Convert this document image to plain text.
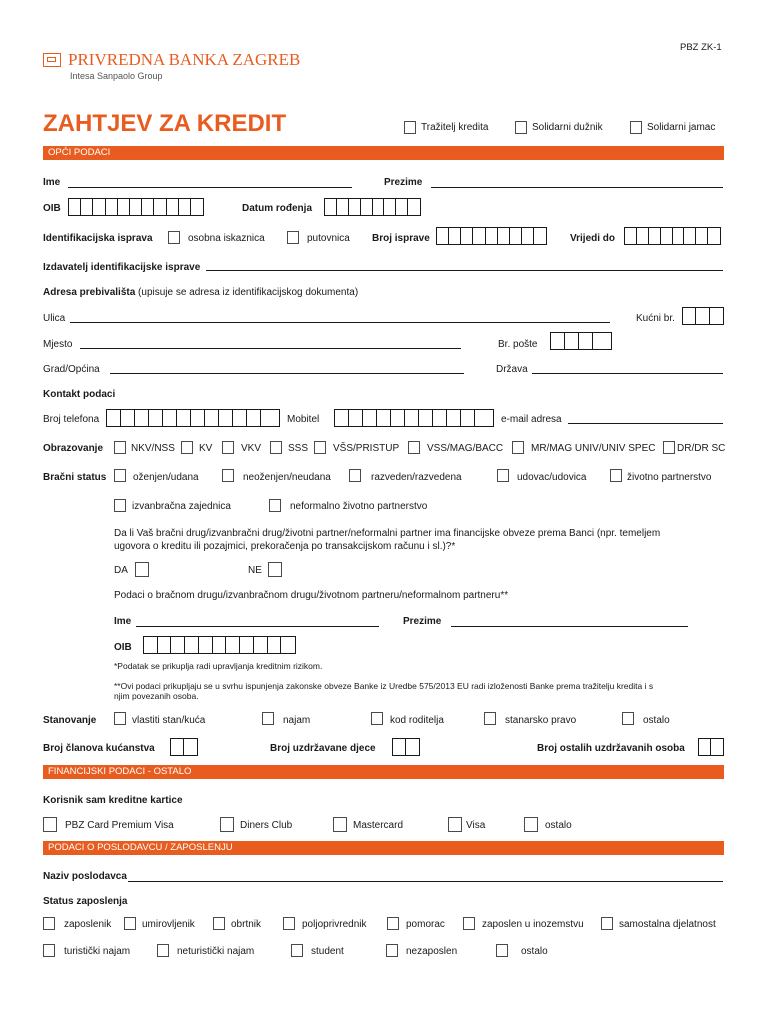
PRIVREDNA BANKA ZAGREB
Intesa Sanpaolo Group
PBZ ZK-1
ZAHTJEV ZA KREDIT	Tražitelj kredita	Solidarni dužnik	Solidarni jamac
OPĆI PODACI
Ime	Prezime
OIB	Datum rođenja
Identifikacijska isprava	osobna iskaznica	putovnica Broj isprave	Vrijedi do
Izdavatelj identifikacijske isprave
Adresa prebivališta (upisuje se adresa iz identifikacijskog dokumenta)
Ulica	Kućni br.
Mjesto	Br. pošte
Grad/Općina	Država
Kontakt podaci
Broj telefona	Mobitel	e-mail adresa
Obrazovanje	NKV/NSS KV	VKV	SSS VŠS/PRISTUP	VSS/MAG/BACC	MR/MAG UNIV/UNIV SPEC DR/DR SC
Bračni status	oženjen/udana	neoženjen/neudana	razveden/razvedena	udovac/udovica	životno partnerstvo
izvanbračna zajednica	neformalno životno partnerstvo
Da li Vaš bračni drug/izvanbračni drug/životni partner/neformalni partner ima financijske obveze prema Banci (npr. temeljem
ugovora o kreditu ili pozajmici, prekoračenja po transakcijskom računu i sl.)?*
DA	NE
Podaci o bračnom drugu/izvanbračnom drugu/životnom partneru/neformalnom partneru**
Ime	Prezime
OIB
*Podatak se prikuplja radi upravljanja kreditnim rizikom.
**Ovi podaci prikupljaju se u svrhu ispunjenja zakonske obveze Banke iz Uredbe 575/2013 EU radi izloženosti Banke prema tražitelju kredita i s
njim povezanih osoba.
Stanovanje	vlastiti stan/kuća	najam	kod roditelja	stanarsko pravo	ostalo
Broj članova kućanstva	Broj uzdržavane djece	Broj ostalih uzdržavanih osoba
FINANCIJSKI PODACI - OSTALO
Korisnik sam kreditne kartice
PBZ Card Premium Visa	Diners Club	Mastercard	Visa	ostalo
PODACI O POSLODAVCU / ZAPOSLENJU
Naziv poslodavca
Status zaposlenja
zaposlenik	umirovljenik	obrtnik	poljoprivrednik	pomorac	zaposlen u inozemstvu	samostalna djelatnost
turistički najam	neturistički najam	student	nezaposlen	ostalo
